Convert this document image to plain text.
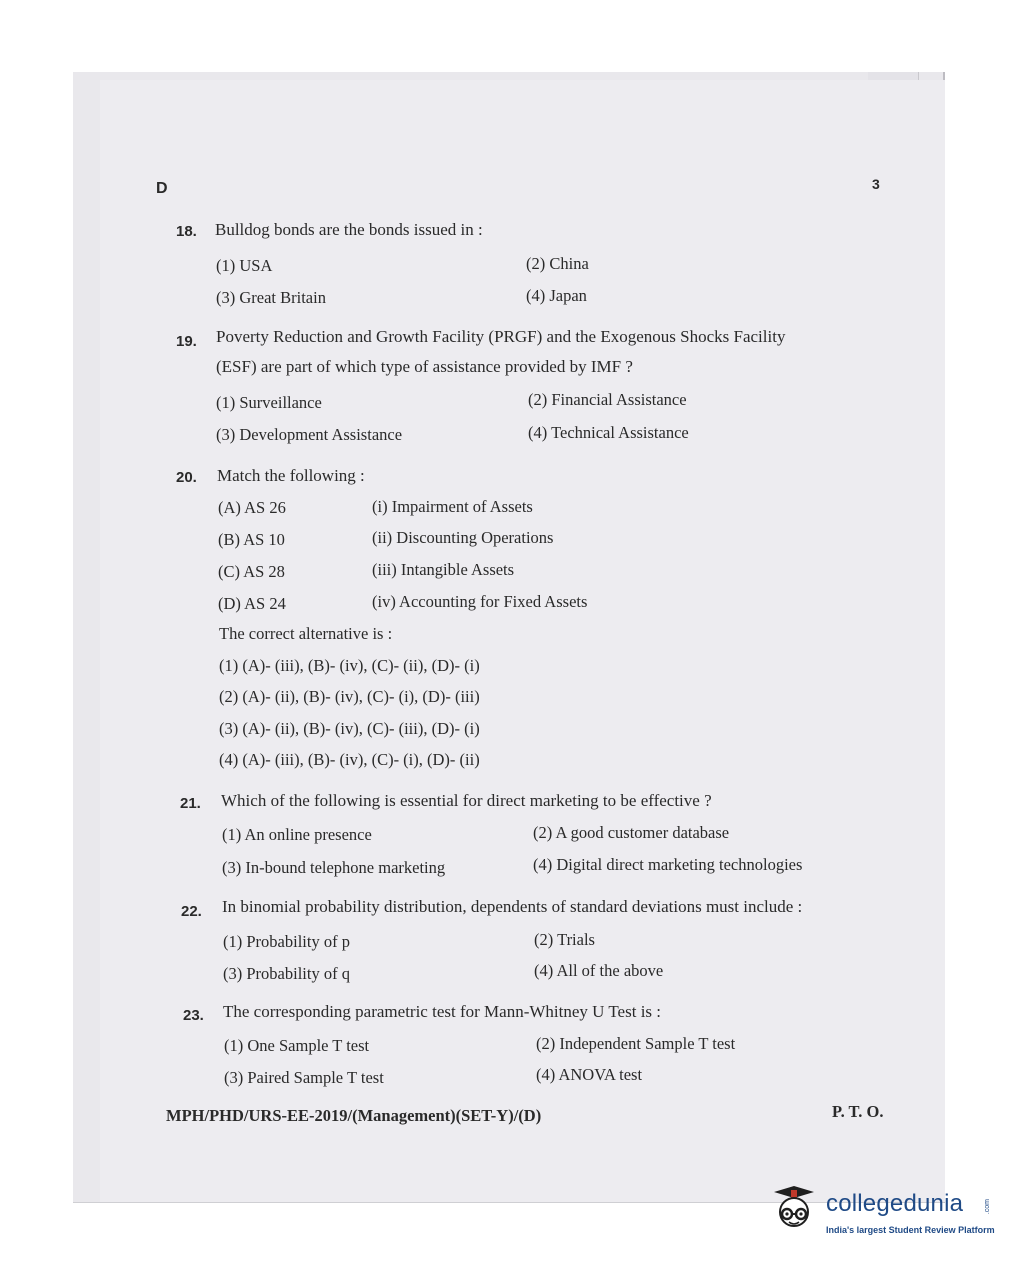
D	3
18. Bulldog bonds are the bonds issued in :
(1) USA	(2) China
(3) Great Britain	(4) Japan
19. Poverty Reduction and Growth Facility (PRGF) and the Exogenous Shocks Facility
(ESF) are part of which type of assistance provided by IMF ?
(1) Surveillance	(2) Financial Assistance
(3) Development Assistance	(4) Technical Assistance
20. Match the following :
(A) AS 26	(i) Impairment of Assets
(B) AS 10	(ii) Discounting Operations
(C) AS 28	(iii) Intangible Assets
(D) AS 24	(iv) Accounting for Fixed Assets
The correct alternative is :
(1) (A)- (iii), (B)- (iv), (C)- (ii), (D)- (i)
(2) (A)- (ii), (B)- (iv), (C)- (i), (D)- (iii)
(3) (A)- (ii), (B)- (iv), (C)- (iii), (D)- (i)
(4) (A)- (iii), (B)- (iv), (C)- (i), (D)- (ii)
21. Which of the following is essential for direct marketing to be effective ?
(1) An online presence	(2) A good customer database
(3) In-bound telephone marketing	(4) Digital direct marketing technologies
22. In binomial probability distribution, dependents of standard deviations must include :
(1) Probability of p	(2) Trials
(3) Probability of q	(4) All of the above
23. The corresponding parametric test for Mann-Whitney U Test is :
(1) One Sample T test	(2) Independent Sample T test
(3) Paired Sample T test	(4) ANOVA test
MPH/PHD/URS-EE-2019/(Management)(SET-Y)/(D)	P. T. O.
collegedunia	.com
India's largest Student Review Platform
